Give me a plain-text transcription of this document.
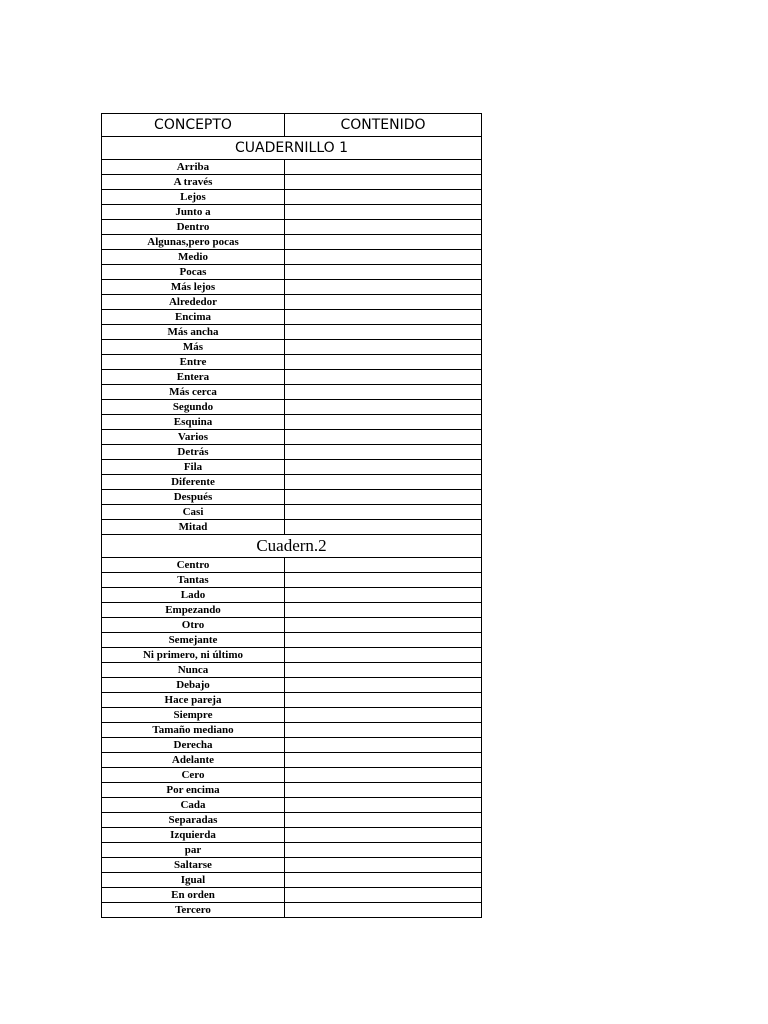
CONCEPTO	CONTENIDO
CUADERNILLO 1	
Arriba	
A través	
Lejos	
Junto a	
Dentro	
Algunas,pero pocas	
Medio	
Pocas	
Más lejos	
Alrededor	
Encima	
Más ancha	
Más	
Entre	
Entera	
Más cerca	
Segundo	
Esquina	
Varios	
Detrás	
Fila	
Diferente	
Después	
Casi	
Mitad	
Cuadern.2	
Centro	
Tantas	
Lado	
Empezando	
Otro	
Semejante	
Ni primero, ni último	
Nunca	
Debajo	
Hace pareja	
Siempre	
Tamaño mediano	
Derecha	
Adelante	
Cero	
Por encima	
Cada	
Separadas	
Izquierda	
par	
Saltarse	
Igual	
En orden	
Tercero	
